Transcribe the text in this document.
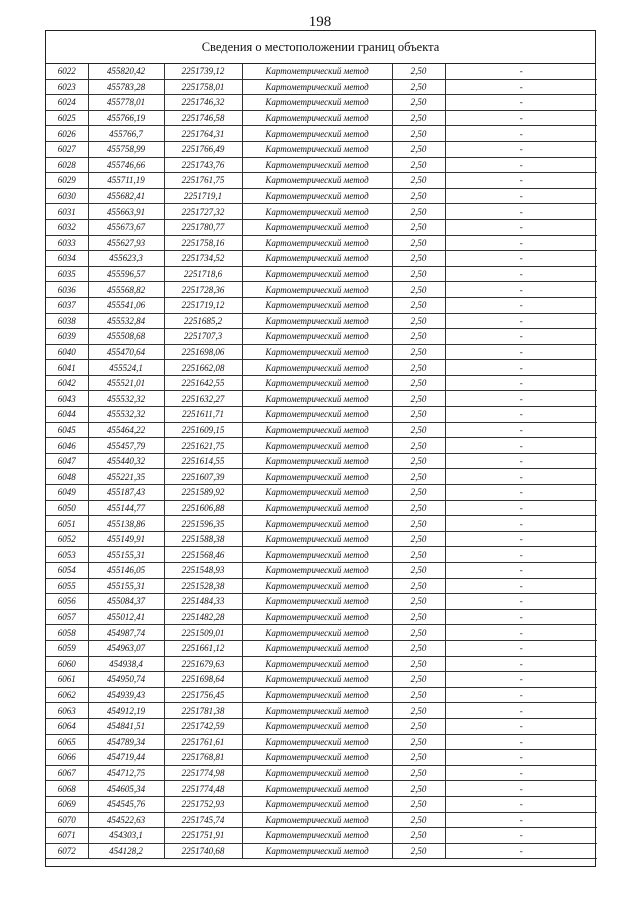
198
Сведения о местоположении границ объекта
6022	455820,42	2251739,12	Картометрический метод	2,50	-
6023	455783,28	2251758,01	Картометрический метод	2,50	-
6024	455778,01	2251746,32	Картометрический метод	2,50	-
6025	455766,19	2251746,58	Картометрический метод	2,50	-
6026	455766,7	2251764,31	Картометрический метод	2,50	-
6027	455758,99	2251766,49	Картометрический метод	2,50	-
6028	455746,66	2251743,76	Картометрический метод	2,50	-
6029	455711,19	2251761,75	Картометрический метод	2,50	-
6030	455682,41	2251719,1	Картометрический метод	2,50	-
6031	455663,91	2251727,32	Картометрический метод	2,50	-
6032	455673,67	2251780,77	Картометрический метод	2,50	-
6033	455627,93	2251758,16	Картометрический метод	2,50	-
6034	455623,3	2251734,52	Картометрический метод	2,50	-
6035	455596,57	2251718,6	Картометрический метод	2,50	-
6036	455568,82	2251728,36	Картометрический метод	2,50	-
6037	455541,06	2251719,12	Картометрический метод	2,50	-
6038	455532,84	2251685,2	Картометрический метод	2,50	-
6039	455508,68	2251707,3	Картометрический метод	2,50	-
6040	455470,64	2251698,06	Картометрический метод	2,50	-
6041	455524,1	2251662,08	Картометрический метод	2,50	-
6042	455521,01	2251642,55	Картометрический метод	2,50	-
6043	455532,32	2251632,27	Картометрический метод	2,50	-
6044	455532,32	2251611,71	Картометрический метод	2,50	-
6045	455464,22	2251609,15	Картометрический метод	2,50	-
6046	455457,79	2251621,75	Картометрический метод	2,50	-
6047	455440,32	2251614,55	Картометрический метод	2,50	-
6048	455221,35	2251607,39	Картометрический метод	2,50	-
6049	455187,43	2251589,92	Картометрический метод	2,50	-
6050	455144,77	2251606,88	Картометрический метод	2,50	-
6051	455138,86	2251596,35	Картометрический метод	2,50	-
6052	455149,91	2251588,38	Картометрический метод	2,50	-
6053	455155,31	2251568,46	Картометрический метод	2,50	-
6054	455146,05	2251548,93	Картометрический метод	2,50	-
6055	455155,31	2251528,38	Картометрический метод	2,50	-
6056	455084,37	2251484,33	Картометрический метод	2,50	-
6057	455012,41	2251482,28	Картометрический метод	2,50	-
6058	454987,74	2251509,01	Картометрический метод	2,50	-
6059	454963,07	2251661,12	Картометрический метод	2,50	-
6060	454938,4	2251679,63	Картометрический метод	2,50	-
6061	454950,74	2251698,64	Картометрический метод	2,50	-
6062	454939,43	2251756,45	Картометрический метод	2,50	-
6063	454912,19	2251781,38	Картометрический метод	2,50	-
6064	454841,51	2251742,59	Картометрический метод	2,50	-
6065	454789,34	2251761,61	Картометрический метод	2,50	-
6066	454719,44	2251768,81	Картометрический метод	2,50	-
6067	454712,75	2251774,98	Картометрический метод	2,50	-
6068	454605,34	2251774,48	Картометрический метод	2,50	-
6069	454545,76	2251752,93	Картометрический метод	2,50	-
6070	454522,63	2251745,74	Картометрический метод	2,50	-
6071	454303,1	2251751,91	Картометрический метод	2,50	-
6072	454128,2	2251740,68	Картометрический метод	2,50	-
